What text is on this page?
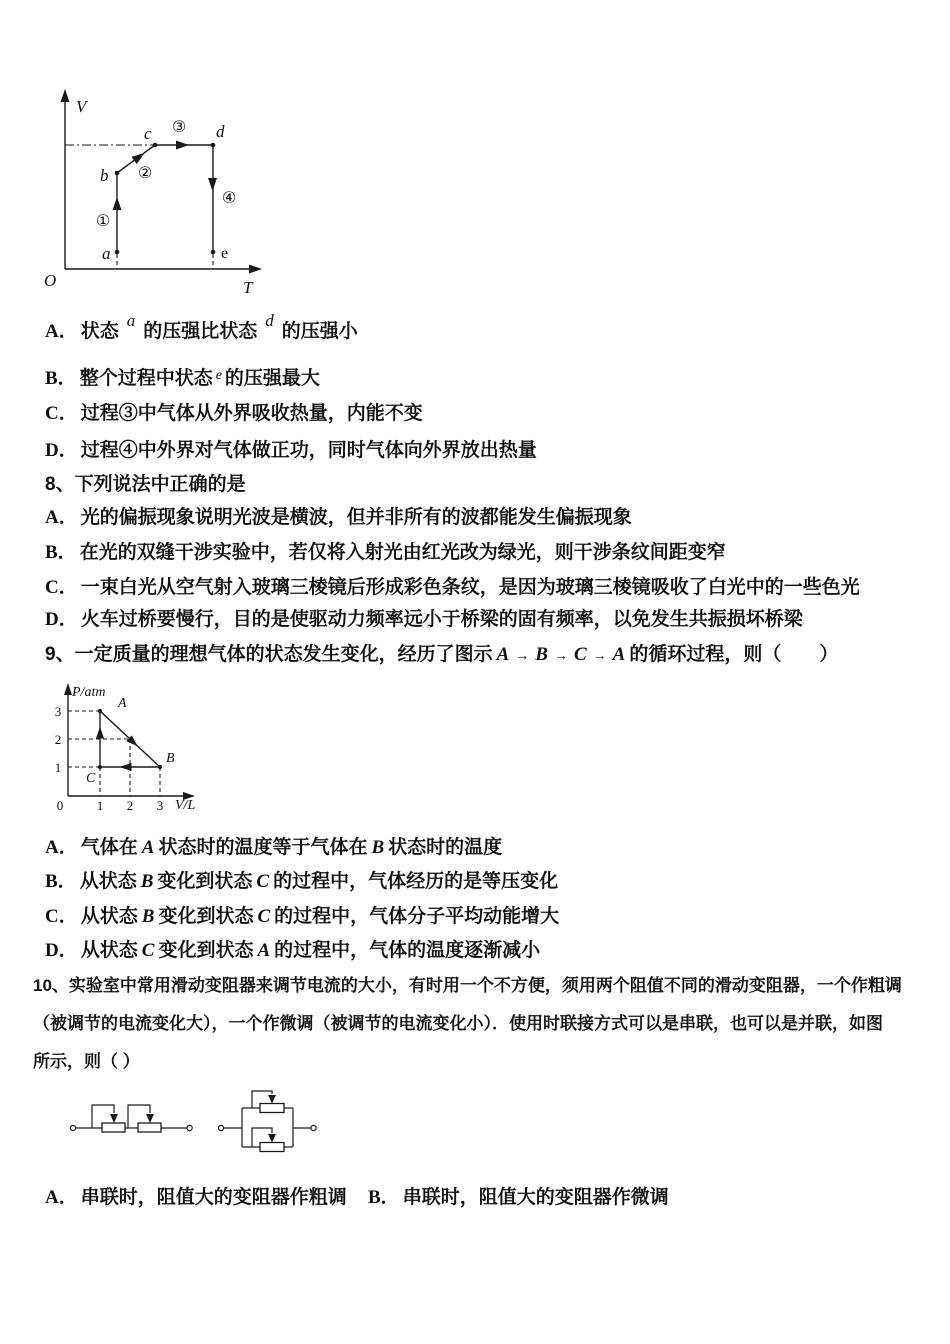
V
T
O
a
b
c	d
e
①
②
③
④
A． 状态a的压强比状态d的压强小
B． 整个过程中状态 $^e$ 的压强最大
C． 过程③中气体从外界吸收热量，内能不变
D． 过程④中外界对气体做正功，同时气体向外界放出热量
8、下列说法中正确的是
A． 光的偏振现象说明光波是横波，但并非所有的波都能发生偏振现象
B． 在光的双缝干涉实验中，若仅将入射光由红光改为绿光，则干涉条纹间距变窄
C． 一束白光从空气射入玻璃三棱镜后形成彩色条纹，是因为玻璃三棱镜吸收了白光中的一些色光
D． 火车过桥要慢行，目的是使驱动力频率远小于桥梁的固有频率，以免发生共振损坏桥梁
9、一定质量的理想气体的状态发生变化，经历了图示 A → B → C → A 的循环过程，则（　　）
P/atm
V/L
3
2
1
0	1 2 3
A
B
C
A． 气体在 A 状态时的温度等于气体在 B 状态时的温度
B． 从状态 B 变化到状态 C 的过程中，气体经历的是等压变化
C． 从状态 B 变化到状态 C 的过程中，气体分子平均动能增大
D． 从状态 C 变化到状态 A 的过程中，气体的温度逐渐减小
10、实验室中常用滑动变阻器来调节电流的大小，有时用一个不方便，须用两个阻值不同的滑动变阻器，一个作粗调
（被调节的电流变化大），一个作微调（被调节的电流变化小）．使用时联接方式可以是串联，也可以是并联，如图
所示，则（ ）
A． 串联时，阻值大的变阻器作粗调 B． 串联时，阻值大的变阻器作微调
